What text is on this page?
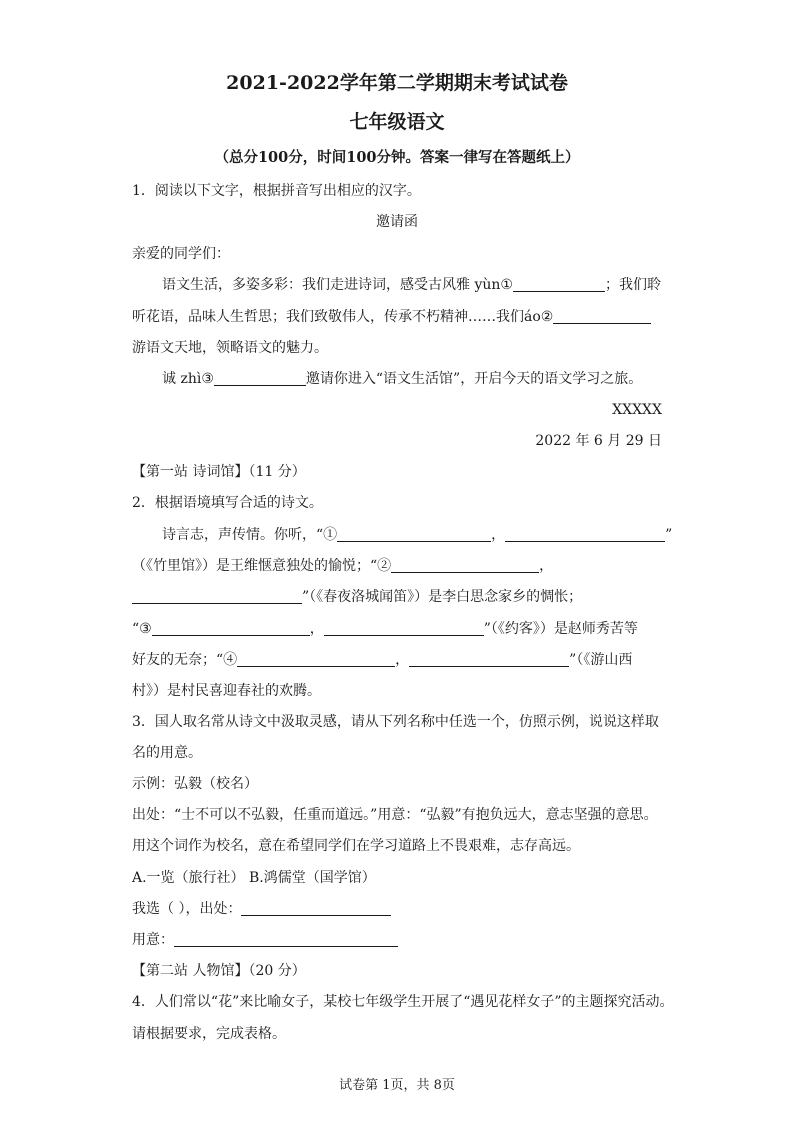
2021-2022学年第二学期期末考试试卷
七年级语文
（总分100分，时间100分钟。答案一律写在答题纸上）
1．阅读以下文字，根据拼音写出相应的汉字。
邀请函
亲爱的同学们：
语文生活，多姿多彩：我们走进诗词，感受古风雅 yùn①	；我们聆
听花语，品味人生哲思；我们致敬伟人，传承不朽精神……我们áo②
游语文天地，领略语文的魅力。
诚 zhì③	邀请你进入“语文生活馆”，开启今天的语文学习之旅。
XXXXX
2022 年 6 月 29 日
【第一站 诗词馆】（11 分）
2．根据语境填写合适的诗文。
诗言志，声传情。你听，“①	，	”
（《竹里馆》）是王维惬意独处的愉悦；“②	，
”（《春夜洛城闻笛》）是李白思念家乡的惆怅；
“③	，	”（《约客》）是赵师秀苦等
好友的无奈；“④	，	”（《游山西
村》）是村民喜迎春社的欢腾。
3．国人取名常从诗文中汲取灵感，请从下列名称中任选一个，仿照示例，说说这样取
名的用意。
示例：弘毅（校名）
出处：“士不可以不弘毅，任重而道远。”用意：“弘毅”有抱负远大，意志坚强的意思。
用这个词作为校名，意在希望同学们在学习道路上不畏艰难，志存高远。
A.一览（旅行社） B.鸿儒堂（国学馆）
我选（ ），出处：
用意：
【第二站 人物馆】（20 分）
4．人们常以“花”来比喻女子，某校七年级学生开展了“遇见花样女子”的主题探究活动。
请根据要求，完成表格。
试卷第 1页，共 8页
